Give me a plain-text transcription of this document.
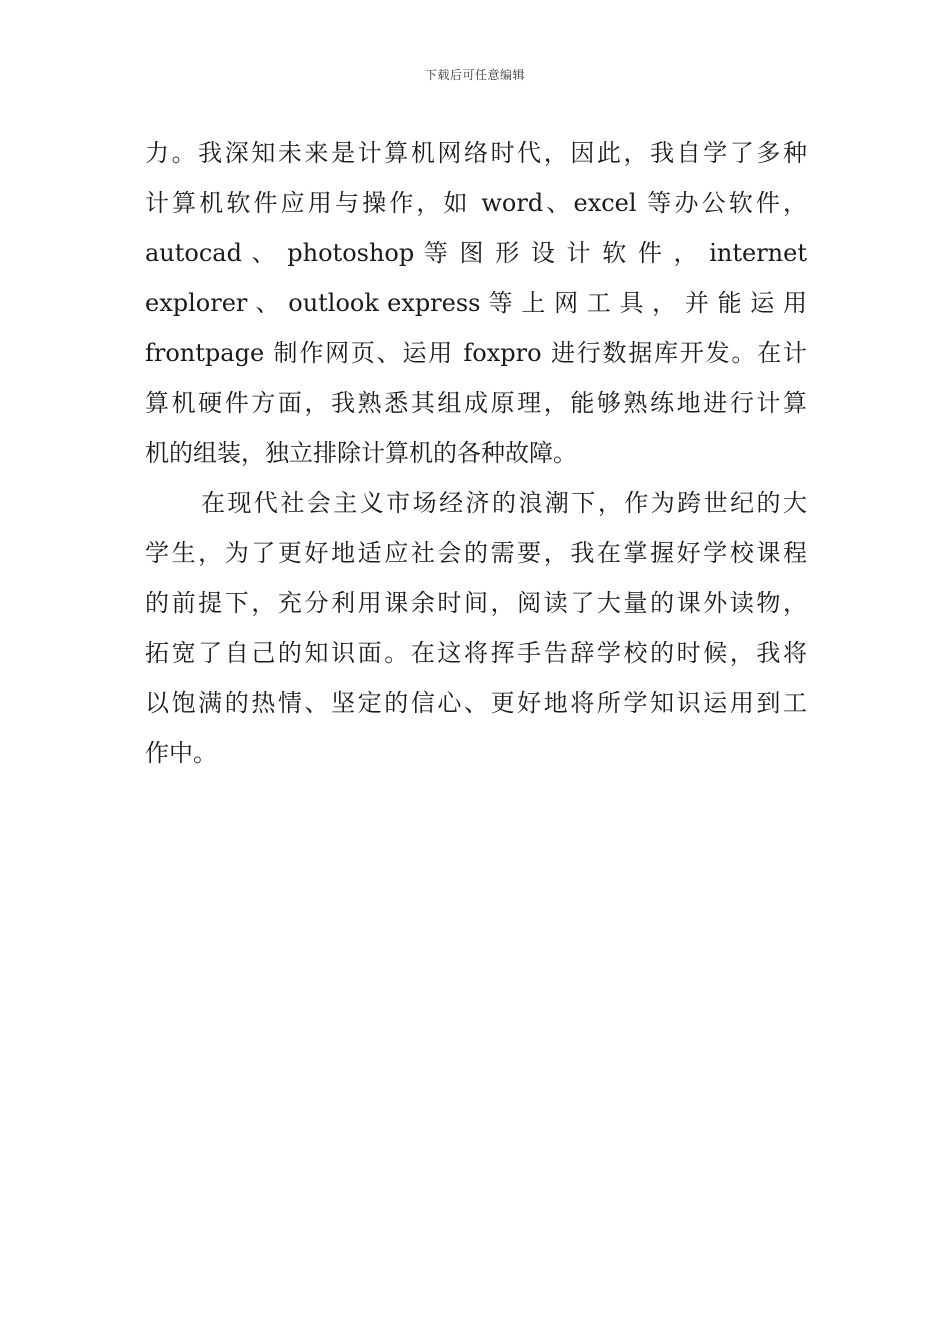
下载后可任意编辑
力。我深知未来是计算机网络时代，因此，我自学了多种
计算机软件应用与操作，如 word、excel 等办公软件，
autocad 、 photoshop 等 图 形 设 计 软 件 ， internet
explorer 、 outlook express 等 上 网 工 具 ， 并 能 运 用
frontpage 制作网页、运用 foxpro 进行数据库开发。在计
算机硬件方面，我熟悉其组成原理，能够熟练地进行计算
机的组装，独立排除计算机的各种故障。
在现代社会主义市场经济的浪潮下，作为跨世纪的大
学生，为了更好地适应社会的需要，我在掌握好学校课程
的前提下，充分利用课余时间，阅读了大量的课外读物，
拓宽了自己的知识面。在这将挥手告辞学校的时候，我将
以饱满的热情、坚定的信心、更好地将所学知识运用到工
作中。
